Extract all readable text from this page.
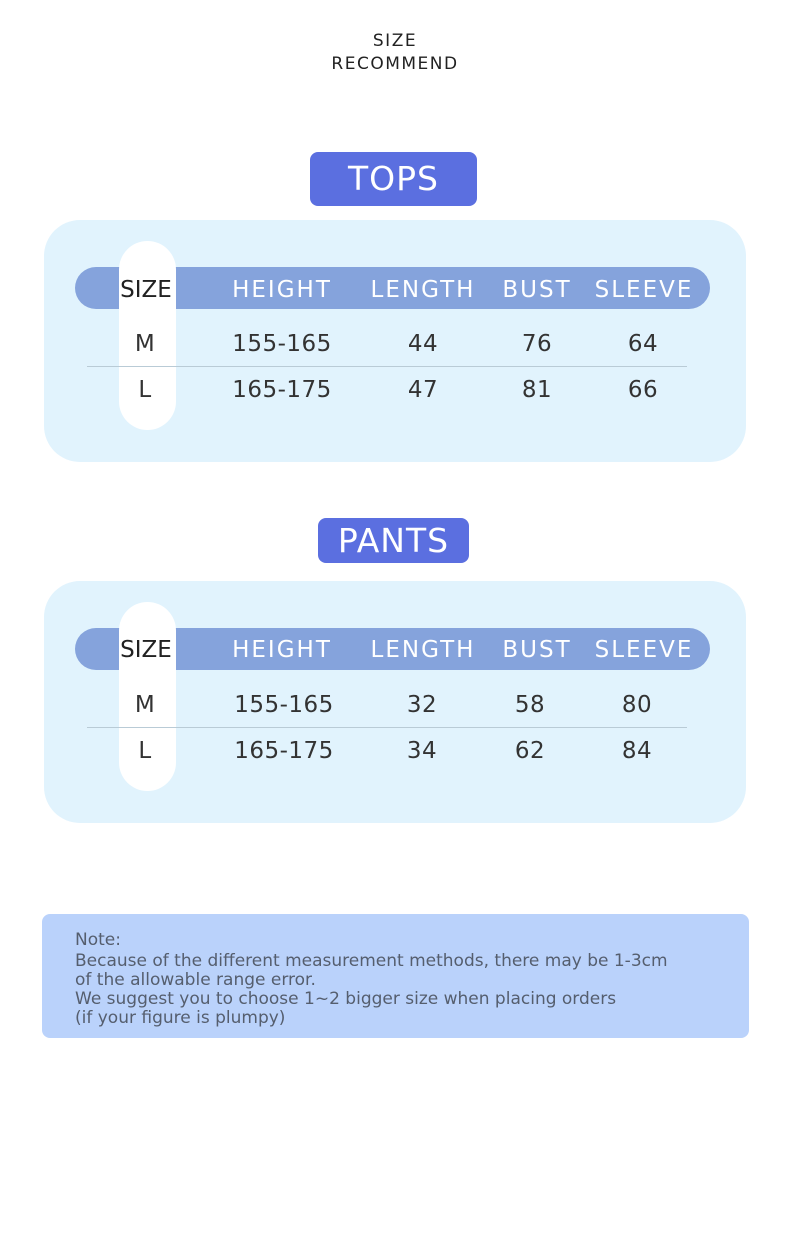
SIZE
RECOMMEND
TOPS
SIZE	HEIGHT	LENGTH	BUST	SLEEVE
M	155-165	44	76	64
L	165-175	47	81	66
PANTS
SIZE	HEIGHT	LENGTH	BUST	SLEEVE
M	155-165	32	58	80
L	165-175	34	62	84
Note:
Because of the different measurement methods, there may be 1-3cm
of the allowable range error.
We suggest you to choose 1~2 bigger size when placing orders
(if your figure is plumpy)
